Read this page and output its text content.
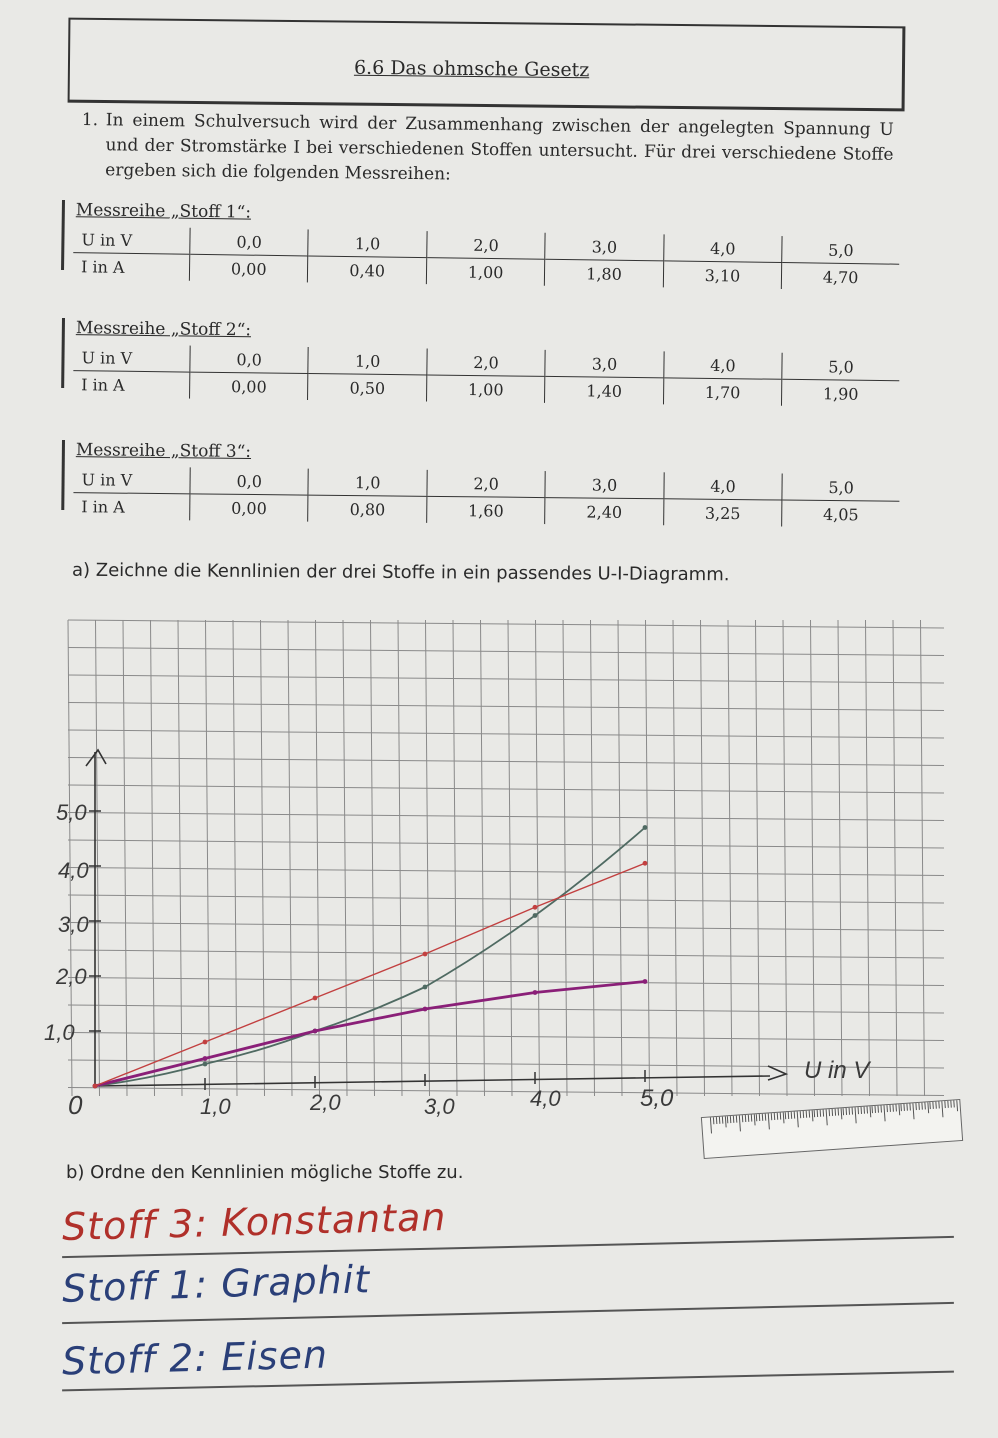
6.6 Das ohmsche Gesetz
1. In einem Schulversuch wird der Zusammenhang zwischen der angelegten Spannung U und der Stromstärke I bei verschiedenen Stoffen untersucht. Für drei verschiedene Stoffe ergeben sich die folgenden Messreihen:
Messreihe „Stoff 1“:
U in V	0,0	1,0	2,0	3,0	4,0	5,0
I in A	0,00	0,40	1,00	1,80	3,10	4,70
Messreihe „Stoff 2“:
U in V	0,0	1,0	2,0	3,0	4,0	5,0
I in A	0,00	0,50	1,00	1,40	1,70	1,90
Messreihe „Stoff 3“:
U in V	0,0	1,0	2,0	3,0	4,0	5,0
I in A	0,00	0,80	1,60	2,40	3,25	4,05
a) Zeichne die Kennlinien der drei Stoffe in ein passendes U-I-Diagramm.
0	1,0	2,0	3,0	4,0	5,0
1,0
2,0
3,0
4,0
5,0
U in V
b) Ordne den Kennlinien mögliche Stoffe zu.
Stoff 3: Konstantan
Stoff 1: Graphit
Stoff 2: Eisen
